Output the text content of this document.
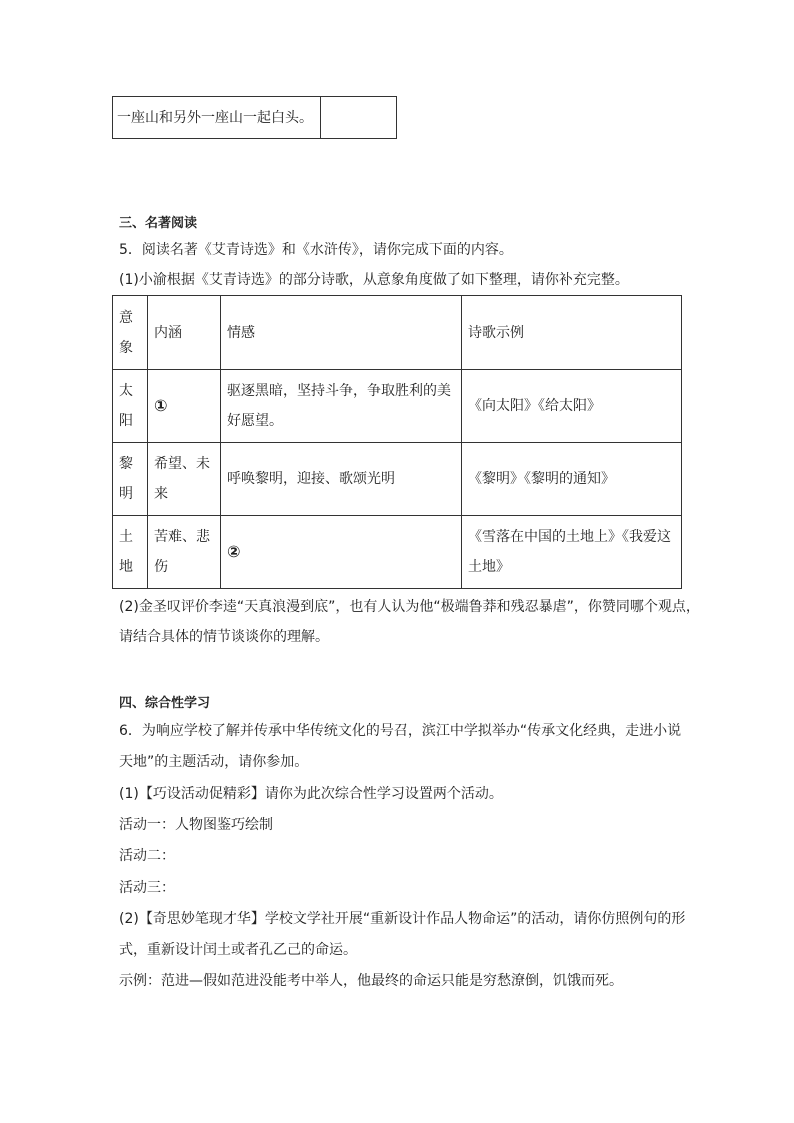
一座山和另外一座山一起白头。	
三、名著阅读
5．阅读名著《艾青诗选》和《水浒传》，请你完成下面的内容。
(1)小渝根据《艾青诗选》的部分诗歌，从意象角度做了如下整理，请你补充完整。
意象	内涵	情感	诗歌示例
太阳	①	驱逐黑暗，坚持斗争，争取胜利的美好愿望。	《向太阳》《给太阳》
黎明	希望、未来	呼唤黎明，迎接、歌颂光明	《黎明》《黎明的通知》
土地	苦难、悲伤	②	《雪落在中国的土地上》《我爱这土地》
(2)金圣叹评价李逵“天真浪漫到底”，也有人认为他“极端鲁莽和残忍暴虐”，你赞同哪个观点，
请结合具体的情节谈谈你的理解。
四、综合性学习
6．为响应学校了解并传承中华传统文化的号召，滨江中学拟举办“传承文化经典，走进小说
天地”的主题活动，请你参加。
(1)【巧设活动促精彩】请你为此次综合性学习设置两个活动。
活动一：人物图鉴巧绘制
活动二：
活动三：
(2)【奇思妙笔现才华】学校文学社开展“重新设计作品人物命运”的活动，请你仿照例句的形
式，重新设计闰土或者孔乙己的命运。
示例：范进—假如范进没能考中举人，他最终的命运只能是穷愁潦倒，饥饿而死。
